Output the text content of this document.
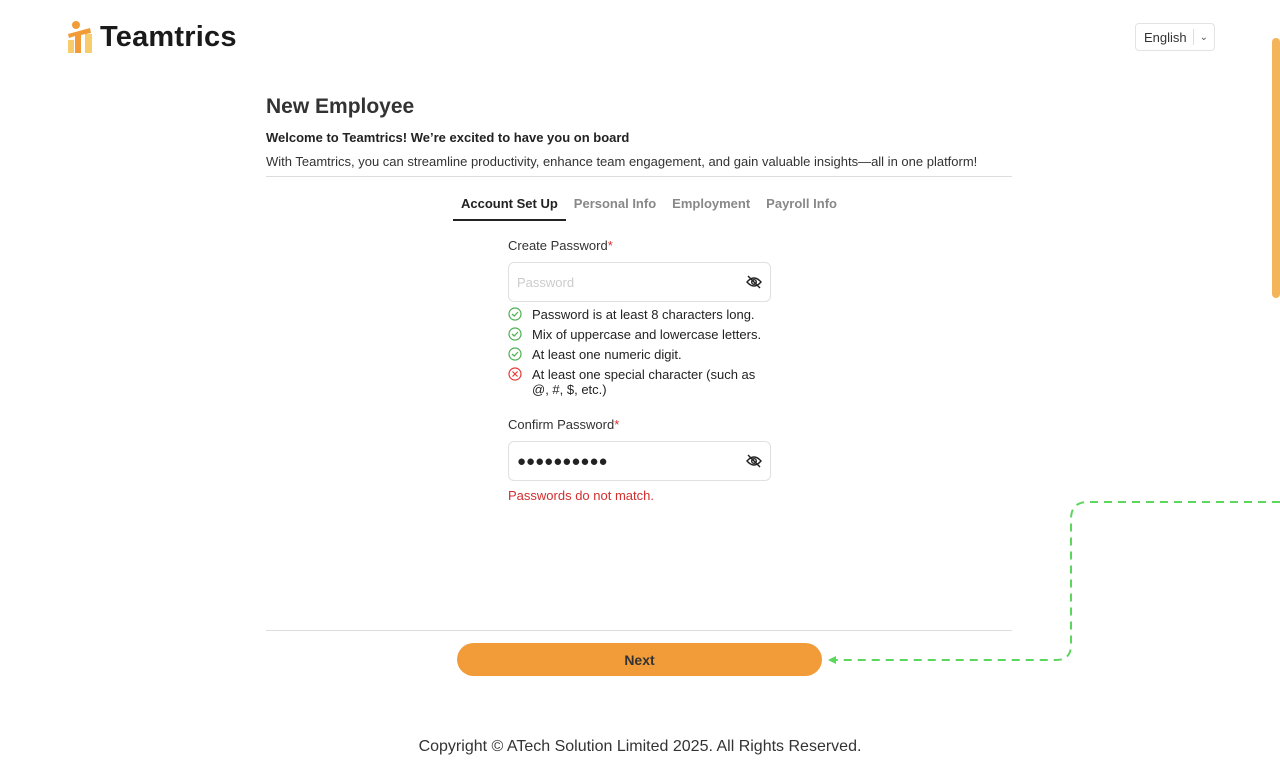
Teamtrics	English ⌄
New Employee
Welcome to Teamtrics! We’re excited to have you on board
With Teamtrics, you can streamline productivity, enhance team engagement, and gain valuable insights—all in one platform!
Account Set Up	Personal Info	Employment	Payroll Info
Create Password*
Password
Password is at least 8 characters long.
Mix of uppercase and lowercase letters.
At least one numeric digit.
At least one special character (such as @, #, $, etc.)
Confirm Password*
●●●●●●●●●●
Passwords do not match.
Next
Copyright © ATech Solution Limited 2025. All Rights Reserved.
